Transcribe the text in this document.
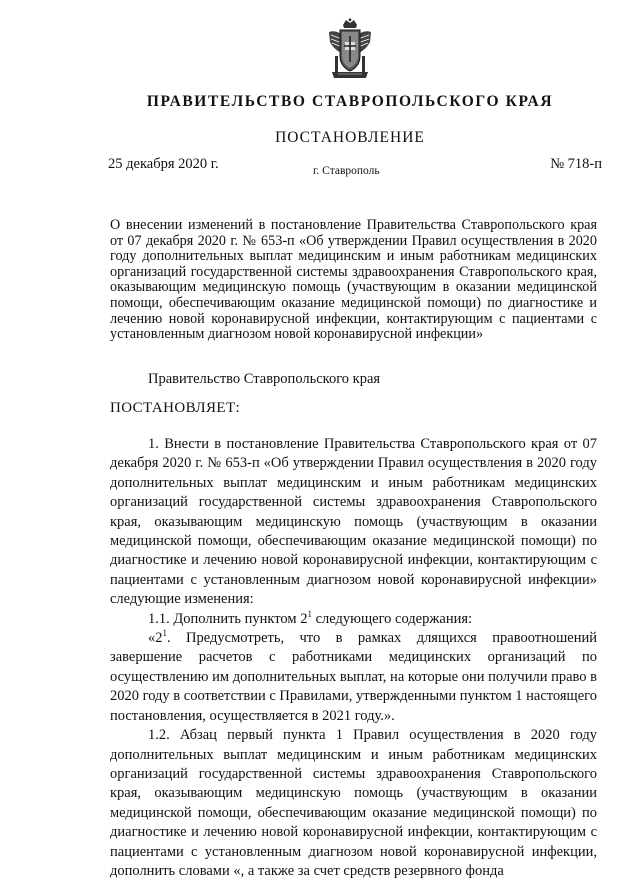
ПРАВИТЕЛЬСТВО СТАВРОПОЛЬСКОГО КРАЯ
ПОСТАНОВЛЕНИЕ
25 декабря 2020 г.	г. Ставрополь	№ 718-п
О внесении изменений в постановление Правительства Ставропольского края от 07 декабря 2020 г. № 653-п «Об утверждении Правил осуществления в 2020 году дополнительных выплат медицинским и иным работникам медицинских организаций государственной системы здравоохранения Ставропольского края, оказывающим медицинскую помощь (участвующим в оказании медицинской помощи, обеспечивающим оказание медицинской помощи) по диагностике и лечению новой коронавирусной инфекции, контактирующим с пациентами с установленным диагнозом новой коронавирусной инфекции»
Правительство Ставропольского края
ПОСТАНОВЛЯЕТ:

1. Внести в постановление Правительства Ставропольского края от 07 декабря 2020 г. № 653-п «Об утверждении Правил осуществления в 2020 году дополнительных выплат медицинским и иным работникам медицинских организаций государственной системы здравоохранения Ставропольского края, оказывающим медицинскую помощь (участвующим в оказании медицинской помощи, обеспечивающим оказание медицинской помощи) по диагностике и лечению новой коронавирусной инфекции, контактирующим с пациентами с установленным диагнозом новой коронавирусной инфекции» следующие изменения:

1.1. Дополнить пунктом $2^1$ следующего содержания:

«$2^1$. Предусмотреть, что в рамках длящихся правоотношений завершение расчетов с работниками медицинских организаций по осуществлению им дополнительных выплат, на которые они получили право в 2020 году в соответствии с Правилами, утвержденными пунктом 1 настоящего постановления, осуществляется в 2021 году.».

1.2. Абзац первый пункта 1 Правил осуществления в 2020 году дополнительных выплат медицинским и иным работникам медицинских организаций государственной системы здравоохранения Ставропольского края, оказывающим медицинскую помощь (участвующим в оказании медицинской помощи, обеспечивающим оказание медицинской помощи) по диагностике и лечению новой коронавирусной инфекции, контактирующим с пациентами с установленным диагнозом новой коронавирусной инфекции, дополнить словами «, а также за счет средств резервного фонда
